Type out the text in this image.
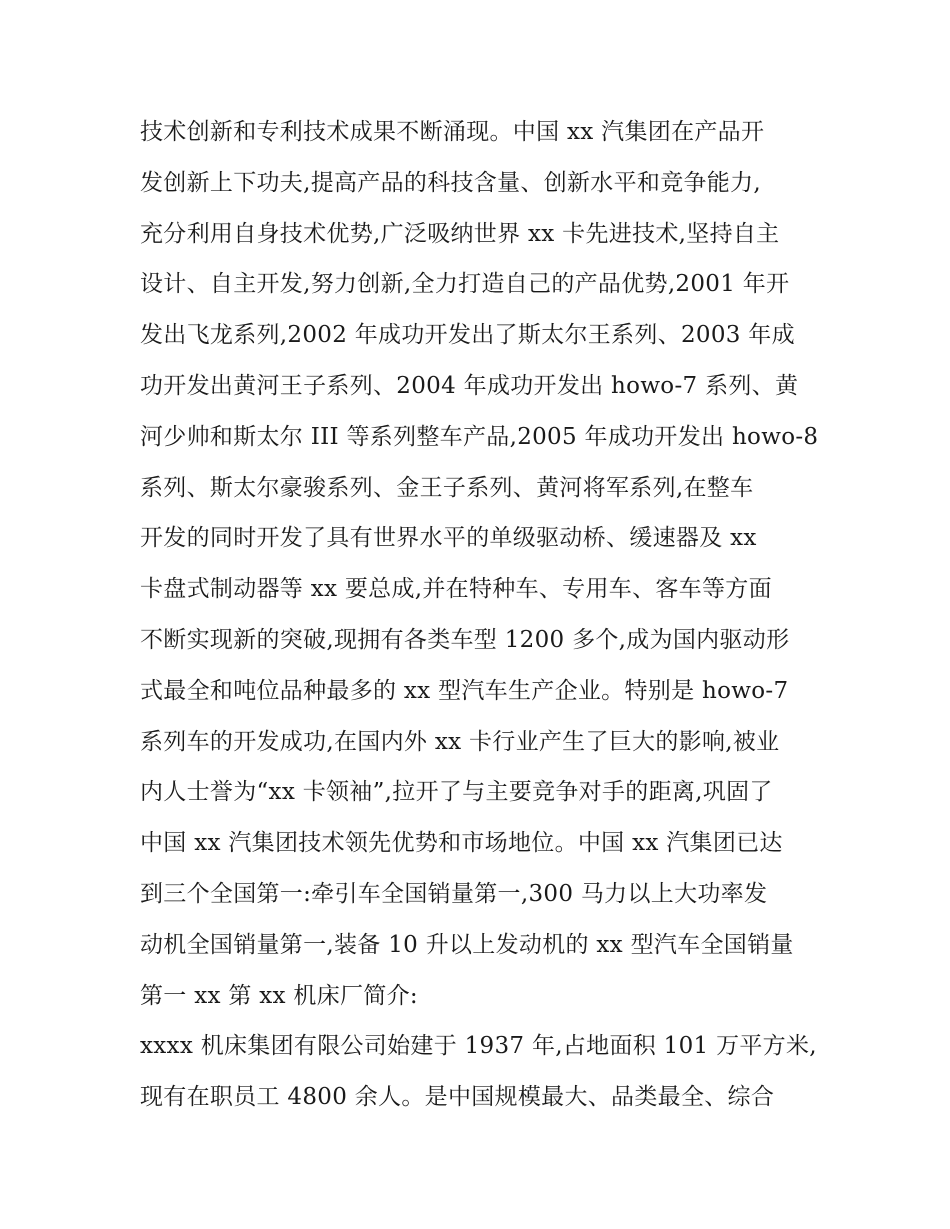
技术创新和专利技术成果不断涌现。中国 xx 汽集团在产品开
发创新上下功夫,提高产品的科技含量、创新水平和竞争能力,
充分利用自身技术优势,广泛吸纳世界 xx 卡先进技术,坚持自主
设计、自主开发,努力创新,全力打造自己的产品优势,2001 年开
发出飞龙系列,2002 年成功开发出了斯太尔王系列、2003 年成
功开发出黄河王子系列、2004 年成功开发出 howo-7 系列、黄
河少帅和斯太尔 III 等系列整车产品,2005 年成功开发出 howo-8
系列、斯太尔豪骏系列、金王子系列、黄河将军系列,在整车
开发的同时开发了具有世界水平的单级驱动桥、缓速器及 xx
卡盘式制动器等 xx 要总成,并在特种车、专用车、客车等方面
不断实现新的突破,现拥有各类车型 1200 多个,成为国内驱动形
式最全和吨位品种最多的 xx 型汽车生产企业。特别是 howo-7
系列车的开发成功,在国内外 xx 卡行业产生了巨大的影响,被业
内人士誉为“xx 卡领袖”,拉开了与主要竞争对手的距离,巩固了
中国 xx 汽集团技术领先优势和市场地位。中国 xx 汽集团已达
到三个全国第一:牵引车全国销量第一,300 马力以上大功率发
动机全国销量第一,装备 10 升以上发动机的 xx 型汽车全国销量
第一 xx 第 xx 机床厂简介:
xxxx 机床集团有限公司始建于 1937 年,占地面积 101 万平方米,
现有在职员工 4800 余人。是中国规模最大、品类最全、综合
